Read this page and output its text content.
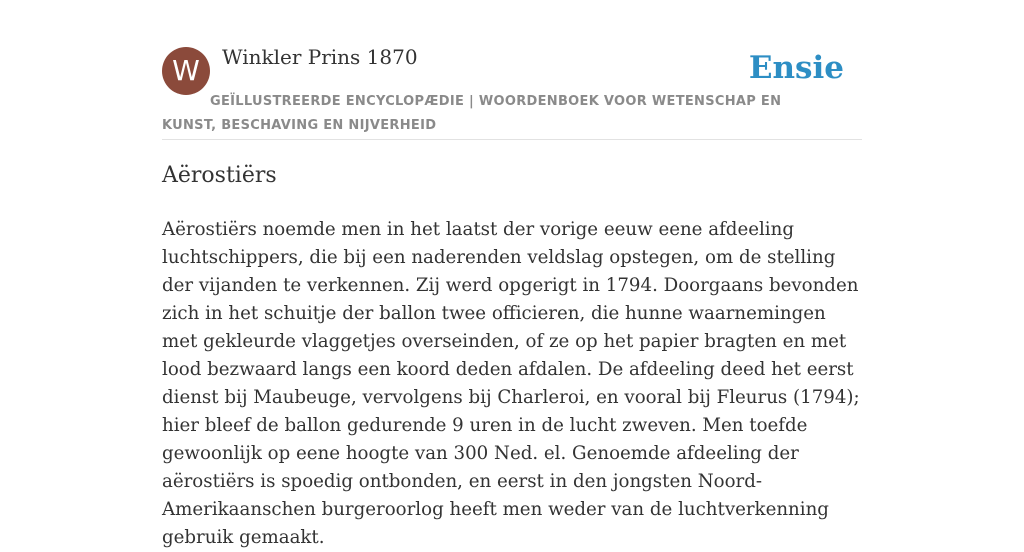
W	Winkler Prins 1870	Ensie
GEÏLLUSTREERDE ENCYCLOPÆDIE | WOORDENBOEK VOOR WETENSCHAP EN KUNST, BESCHAVING EN NIJVERHEID
Aërostiërs

Aërostiërs noemde men in het laatst der vorige eeuw eene afdeeling luchtschippers, die bij een naderenden veldslag opstegen, om de stelling der vijanden te verkennen. Zij werd opgerigt in 1794. Doorgaans bevonden zich in het schuitje der ballon twee officieren, die hunne waarnemingen met gekleurde vlaggetjes overseinden, of ze op het papier bragten en met lood bezwaard langs een koord deden afdalen. De afdeeling deed het eerst dienst bij Maubeuge, vervolgens bij Charleroi, en vooral bij Fleurus (1794); hier bleef de ballon gedurende 9 uren in de lucht zweven. Men toefde gewoonlijk op eene hoogte van 300 Ned. el. Genoemde afdeeling der aërostiërs is spoedig ontbonden, en eerst in den jongsten Noord-Amerikaanschen burgeroorlog heeft men weder van de luchtverkenning gebruik gemaakt.
